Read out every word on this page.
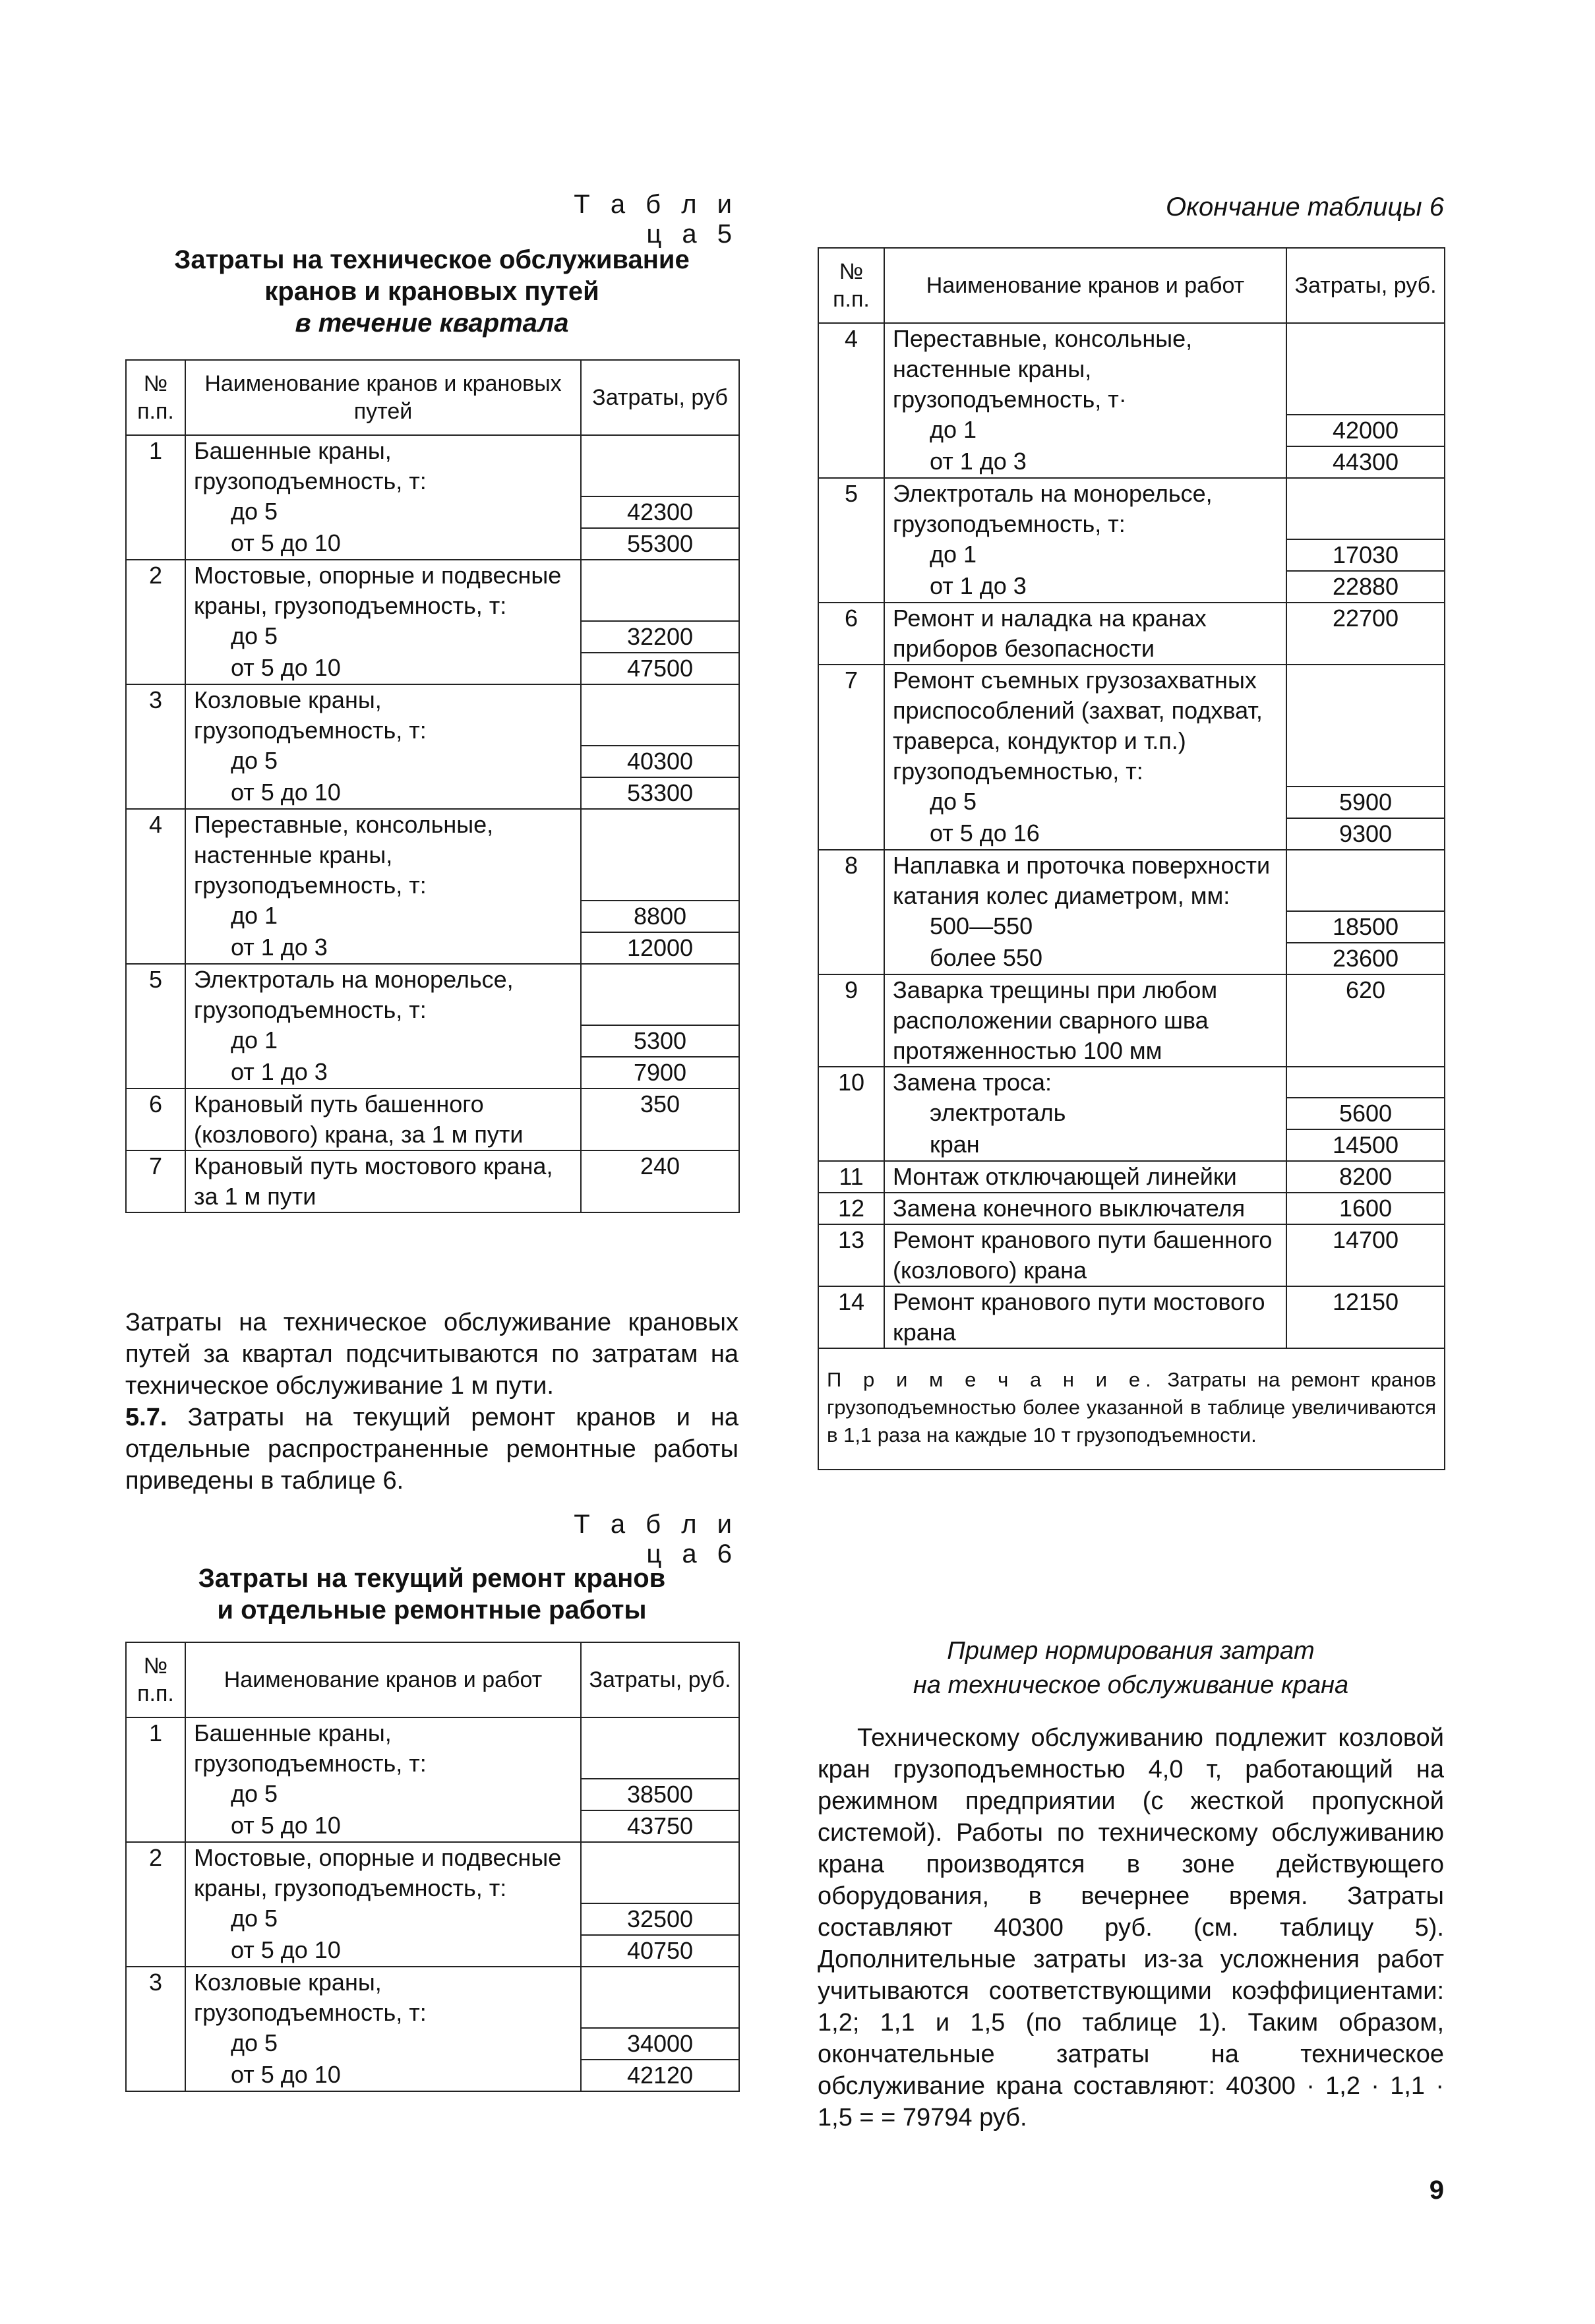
Т а б л и ц а 5
Затраты на техническое обслуживание
кранов и крановых путей
в течение квартала
№ п.п.	Наименование кранов и крановых путей	Затраты, руб
1	Башенные краны, грузоподъемность, т:	
	до 5	42300
	от 5 до 10	55300
2	Мостовые, опорные и подвесные краны, грузоподъемность, т:	
	до 5	32200
	от 5 до 10	47500
3	Козловые краны, грузоподъемность, т:	
	до 5	40300
	от 5 до 10	53300
4	Переставные, консольные, настенные краны, грузоподъемность, т:	
	до 1	8800
	от 1 до 3	12000
5	Электроталь на монорельсе, грузоподъемность, т:	
	до 1	5300
	от 1 до 3	7900
6	Крановый путь башенного (козлового) крана, за 1 м пути	350
7	Крановый путь мостового крана, за 1 м пути	240
Затраты на техническое обслуживание крановых путей за квартал подсчитываются по затратам на техническое обслуживание 1 м пути.
5.7. Затраты на текущий ремонт кранов и на отдельные распространенные ремонтные работы приведены в таблице 6.
Т а б л и ц а 6
Затраты на текущий ремонт кранов
и отдельные ремонтные работы
№ п.п.	Наименование кранов и работ	Затраты, руб.
1	Башенные краны, грузоподъемность, т:	
	до 5	38500
	от 5 до 10	43750
2	Мостовые, опорные и подвесные краны, грузоподъемность, т:	
	до 5	32500
	от 5 до 10	40750
3	Козловые краны, грузоподъемность, т:	
	до 5	34000
	от 5 до 10	42120
Окончание таблицы 6
№ п.п.	Наименование кранов и работ	Затраты, руб.
4	Переставные, консольные, настенные краны, грузоподъемность, т·	
	до 1	42000
	от 1 до 3	44300
5	Электроталь на монорельсе, грузоподъемность, т:	
	до 1	17030
	от 1 до 3	22880
6	Ремонт и наладка на кранах приборов безопасности	22700
7	Ремонт съемных грузозахватных приспособлений (захват, подхват, траверса, кондуктор и т.п.) грузоподъемностью, т:	
	до 5	5900
	от 5 до 16	9300
8	Наплавка и проточка поверхности катания колес диаметром, мм:	
	500—550	18500
	более 550	23600
9	Заварка трещины при любом расположении сварного шва протяженностью 100 мм	620
10	Замена троса:	
	электроталь	5600
	кран	14500
11	Монтаж отключающей линейки	8200
12	Замена конечного выключателя	1600
13	Ремонт кранового пути башенного (козлового) крана	14700
14	Ремонт кранового пути мостового крана	12150
П р и м е ч а н и е. Затраты на ремонт кранов грузоподъемностью более указанной в таблице увеличиваются в 1,1 раза на каждые 10 т грузоподъемности.		
Пример нормирования затрат
на техническое обслуживание крана
Техническому обслуживанию подлежит козловой кран грузоподъемностью 4,0 т, работающий на режимном предприятии (с жесткой пропускной системой). Работы по техническому обслуживанию крана производятся в зоне действующего оборудования, в вечернее время. Затраты составляют 40300 руб. (см. таблицу 5). Дополнительные затраты из-за усложнения работ учитываются соответствующими коэффициентами: 1,2; 1,1 и 1,5 (по таблице 1). Таким образом, окончательные затраты на техническое обслуживание крана составляют: 40300 · 1,2 · 1,1 · 1,5 = = 79794 руб.
9
